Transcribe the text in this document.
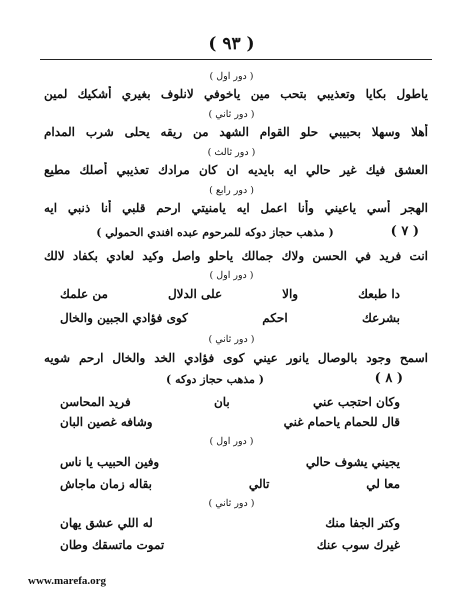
( ٩٣ )
( دور اول )
ياطول بكايا وتعذيبي بتحب مين ياخوفي لانلوف بغيري أشكيك لمين
( دور ثاني )
أهلا وسهلا بحبيبي حلو القوام الشهد من ريقه يحلى شرب المدام
( دور ثالث )
العشق فيك غير حالي ايه بايديه ان كان مرادك تعذيبي أصلك مطيع
( دور رابع )
الهجر أسي ياعيني وأنا اعمل ايه يامنيتي ارحم قلبي أنا ذنبي ايه
( ٧ )
( مذهب حجاز دوكه للمرحوم عبده افندي الحمولي )
انت فريد في الحسن ولاك جمالك ياحلو واصل وكيد لعادي بكفاد لالك
( دور اول )
من علمك	على الدلال	والا	دا طبعك
كوى فؤادي الجبين والخال	احكم	بشرعك
( دور ثاني )
اسمح وجود بالوصال يانور عيني كوى فؤادي الخد والخال ارحم شويه
( ٨ )
( مذهب حجاز دوكه )
فريد المحاسن	بان	وكان احتجب عني
وشافه غصين البان	قال للحمام ياحمام غني
( دور اول )
وفين الحبيب يا ناس	يجيني يشوف حالي
بقاله زمان ماجاش	تالي	معا لي
( دور ثاني )
له اللي عشق يهان	وكتر الجفا منك
تموت ماتسقك وطان	غيرك سوب عنك
www.marefa.org
